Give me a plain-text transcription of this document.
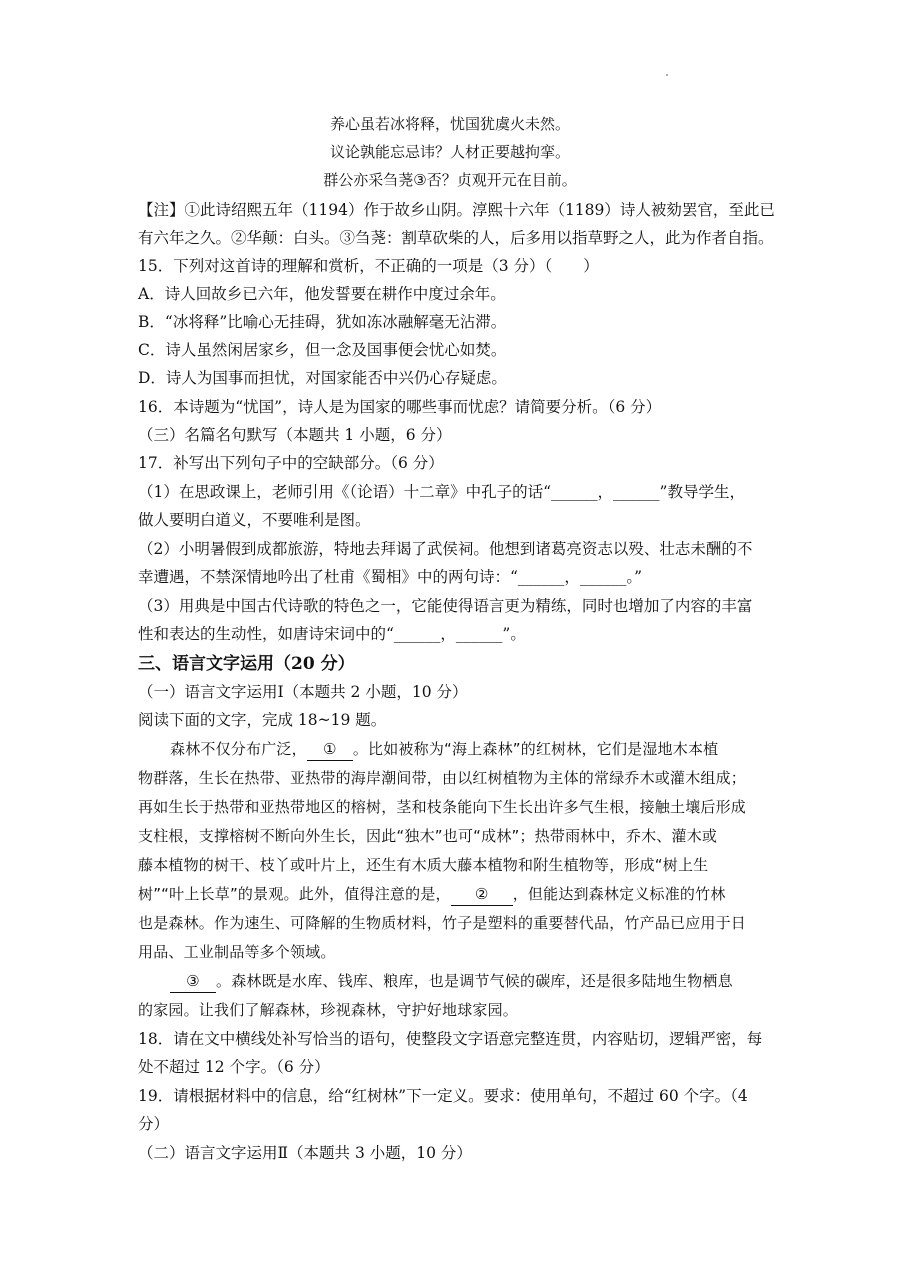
养心虽若冰将释，忧国犹虞火未然。
议论孰能忘忌讳？人材正要越拘挛。
群公亦采刍荛③否？贞观开元在目前。
【注】①此诗绍熙五年（1194）作于故乡山阴。淳熙十六年（1189）诗人被劾罢官，至此已
有六年之久。②华颠：白头。③刍荛：割草砍柴的人，后多用以指草野之人，此为作者自指。
15．下列对这首诗的理解和赏析，不正确的一项是（3 分）（　　）
A．诗人回故乡已六年，他发誓要在耕作中度过余年。
B．“冰将释”比喻心无挂碍，犹如冻冰融解毫无沾滞。
C．诗人虽然闲居家乡，但一念及国事便会忧心如焚。
D．诗人为国事而担忧，对国家能否中兴仍心存疑虑。
16．本诗题为“忧国”，诗人是为国家的哪些事而忧虑？请简要分析。（6 分）
（三）名篇名句默写（本题共 1 小题，6 分）
17．补写出下列句子中的空缺部分。（6 分）
（1）在思政课上，老师引用《（论语）十二章》中孔子的话“______，______”教导学生，
做人要明白道义，不要唯利是图。
（2）小明暑假到成都旅游，特地去拜谒了武侯祠。他想到诸葛亮资志以殁、壮志未酬的不
幸遭遇，不禁深情地吟出了杜甫《蜀相》中的两句诗：“______，______。”
（3）用典是中国古代诗歌的特色之一，它能使得语言更为精练，同时也增加了内容的丰富
性和表达的生动性，如唐诗宋词中的“______，______”。
三、语言文字运用（20 分）
（一）语言文字运用Ⅰ（本题共 2 小题，10 分）
阅读下面的文字，完成 18~19 题。
森林不仅分布广泛， ① 。比如被称为“海上森林”的红树林，它们是湿地木本植
物群落，生长在热带、亚热带的海岸潮间带，由以红树植物为主体的常绿乔木或灌木组成；
再如生长于热带和亚热带地区的榕树，茎和枝条能向下生长出许多气生根，接触土壤后形成
支柱根，支撑榕树不断向外生长，因此“独木”也可“成林”；热带雨林中，乔木、灌木或
藤本植物的树干、枝丫或叶片上，还生有木质大藤本植物和附生植物等，形成“树上生
树”“叶上长草”的景观。此外，值得注意的是， ② ，但能达到森林定义标准的竹林
也是森林。作为速生、可降解的生物质材料，竹子是塑料的重要替代品，竹产品已应用于日
用品、工业制品等多个领域。
③ 。森林既是水库、钱库、粮库，也是调节气候的碳库，还是很多陆地生物栖息
的家园。让我们了解森林，珍视森林，守护好地球家园。
18．请在文中横线处补写恰当的语句，使整段文字语意完整连贯，内容贴切，逻辑严密，每
处不超过 12 个字。（6 分）
19．请根据材料中的信息，给“红树林”下一定义。要求：使用单句，不超过 60 个字。（4
分）
（二）语言文字运用Ⅱ（本题共 3 小题，10 分）
